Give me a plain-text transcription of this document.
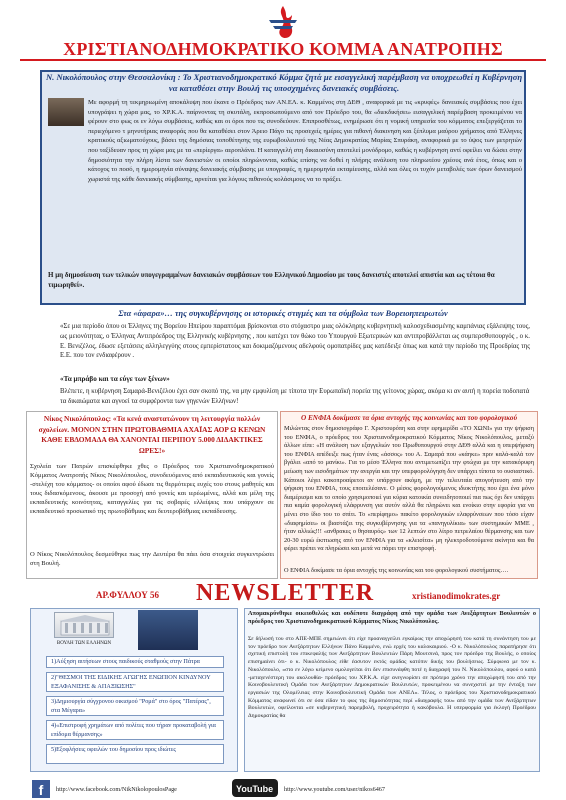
ΧΡΙΣΤΙΑΝΟΔΗΜΟΚΡΑΤΙΚΟ ΚΟΜΜΑ ΑΝΑΤΡΟΠΗΣ
Ν. Νικολόπουλος στην Θεσσαλονίκη : Το Χριστιανοδημοκρατικό Κόμμα ζητά με εισαγγελική παρέμβαση να υποχρεωθεί η Κυβέρνηση να καταθέσει στην Βουλή τις υποσχημένες δανειακές συμβάσεις.
Με αφορμή τη τεκμηριωμένη αποκάλυψη που έκανε ο Πρόεδρος των ΑΝ.ΕΛ. κ. Καμμένος στη ΔΕΘ , αναφορικά με τις «κρυφές» δανειακές συμβάσεις που έχει υπογράψει η χώρα μας, το ΧΡ.Κ.Α. παίρνοντας τη σκυτάλη, εκπροσωπούμενο από τον Πρόεδρο του, θα «διεκδικήσει» εισαγγελική παρέμβαση προκειμένου να φέρουν στο φως οι εν λόγω συμβάσεις, καθώς και οι όροι που τις συνοδεύουν. Επιπροσθέτως, ενημέρωσε ότι η νομική υπηρεσία του κόμματος επεξεργάζεται το περιεχόμενο τ μηνυτήριας αναφοράς που θα καταθέσει στον Άρειο Πάγο τις προσεχείς ημέρες για πιθανή διακινηση και ξέπλυμα μαύρου χρήματος από Έλληνες κρατικούς αξιωματούχους, βάσει της δημόσιας τοποθέτησης της ευρωβουλευτού της Νέας Δημοκρατίας Μαρίας Σπυράκη, αναφορικά με το ύψος των μετρητών που ταξίδευαν προς τη χώρα μας με τα «περίεργα» αεροπλάνα. Η καταγγελή στη δικαιοσύνη αποτελεί μονόδρομο, καθώς η κυβέρνηση αντί οφείλει να δώσει στην δημοσιότητα την πλήρη λίστα των δανειστών οι οποίοι πληρώνονται, καθώς επίσης να δοθεί η πλήρης ανάλυση του πληρωτέου χρέους ανά έτος, όπως και ο κάτοχος το ποσό, η ημερομηνία σύναψης δανειακής σύμβασης με υπογραφές, η ημερομηνία εκταμίευσης, αλλά και όλες οι τυχόν μεταβολές των όρων δανεισμού χωριστά της κάθε δανειακής σύμβασης, αρνείται για λόγους πιθανούς κολάσιμους να το πράξει.
Η μη δημοσίευση των τελικών υπογεγραμμένων δανειακών συμβάσεων του Ελληνικού Δημοσίου με τους δανειστές αποτελεί απιστία και ως τέτοια θα τιμωρηθεί».
Στα «άφαρα»… της συγκυβέρνησης οι ιστορικές στιγμές και τα σύμβολα των Βορειοηπειρωτών
«Σε μια περίοδο όπου οι Έλληνες της Βορείου Ηπείρου παραπτόμαι βρίσκονται στο στόχαστρο μιας ολόκληρης κυβερνητική καλοσχεδιασμένης καμπάνιας εξάλειψης τους, ως μειονότητας, ο Έλληνας Αντιπρόεδρος της Ελληνικής κυβέρνησης , που κατέχει τον θώκο του Υπουργού Εξωτερικών και αντιπροβάλλεται ως συμπερσθυπουργός , ο κ. Ε. Βενιζέλος, έδωσε εξετάσεις αλληλεγγύης στους εμπερίστατους και δοκιμαζόμενους αδελφούς ομοπατρίδες μας κατέδειξε όπως και κατά την περίοδο της Προεδρίας της Ε.Ε. που τον ενδιαφέρουν .
«Τα μπράβο και τα εύγε των ξένων»
Βλέπετε, η κυβέρνηση Σαμαρά-Βενιζέλου έχει σαν σκοπό της, να μην εμφυλίση με τίποτα την Ευρωπαϊκή πορεία της γείτονος χώρας, ακόμα κι αν αυτή η πορεία ποδοπατά τα δικαιώματα και αγνοεί τα συμφέροντα των γηγενών Ελλήνων!
Νίκος Νικολόπουλος: «Τα κενά αναστατώνουν τη λειτουργία πολλών σχολείων. ΜΟΝΟΝ ΣΤΗΝ ΠΡΩΤΟΒΑΘΜΙΑ ΑΧΑΪΑΣ ΑΟΡ Ω ΚΕΝΩΝ ΚΑΘΕ ΕΒΔΟΜΑΔΑ ΘΑ ΧΑΝΟΝΤΑΙ ΠΕΡΙΠΟΥ 5.000 ΔΙΔΑΚΤΙΚΕΣ ΩΡΕΣ!»
Σχολεία των Πατρών επισκέφθηκε χθες ο Πρόεδρος του Χριστιανοδημοκρατικού Κόμματος Ανατροπής Νίκος Νικολόπουλος, συνοδευόμενος από εκπαιδευτικούς και γονείς -στελέχη του κόμματος- οι οποίοι αφού έδωσε τις θερμότερες ευχές του στους μαθητές και τους διδασκόμενους, άκουσε με προσοχή από γονείς και ιερέωμένες, αλλά και μέλη της εκπαιδευτικής κοινότητας, καταγγελίες για τις σοβαρές ελλείψεις που υπάρχουν σε εκπαιδευτικό προσωπικό της πρωτοβάθμιας και δευτεροβάθμιας εκπαίδευσης.
Ο Νίκος Νικολόπουλος δεσμεύθηκε πως την Δευτέρα θα πάει όσα στοιχεία συγκεντρώσει στη Βουλή.
Ο ΕΝΦΙΑ δοκίμασε τα όρια αντοχής της κοινωνίας και του φορολογικού
Μιλώντας στον δημοσιογράφο Γ. Χριστουρόπη και στην εφημερίδα «ΤΟ ΧΩΝΙ» για την ψήφιση του ΕΝΦΙΑ, ο πρόεδρος του Χριστιανοδημοκρατικού Κόμματος Νίκος Νικολόπουλος, μεταξύ άλλων είπε: «Η ανάλυση των εξαγγελιών του Πρωθυπουργού στην ΔΕΘ αλλά και η υπερψήφιση του ΕΝΦΙΑ απέδειξε πως ήταν ένας «άσσος» του Α. Σαμαρά που «κάηκε» πριν καλά-καλά τον βγάλει «από το μανίκι». Για το μέσο Έλληνα που αντιμετωπίζει την φτώχια με την κατακόρυφη μείωση των εισοδημάτων την ανεργία και την υπερφορολόγηση δεν υπάρχει τίποτα το ουσιαστικό. Κάποιοι λέγει κακοπροαίρετοι αν υπάρχουν ακόμη, με την τελευταία απογοήτευση από την ψήφιση του ΕΝΦΙΑ, τους εποιτελέσανε. Ο μέσος φορολογούμενος ιδιοκτήτης που έχει ένα μόνο διαμέρισμα και το οποίο χρησιμοποιεί για κύρια κατοικία συνειδητοποιεί πια πως όχι δεν υπάρχει πια καμία φορολογική ελάφρυνση για αυτόν αλλά θα πληρώνει και ενοίκιο στην εφορία για να μένει στο ίδιο του το σπίτι. Το «περίφημο» πακέτο φορολογικών ελαφρύνσεων που τόσο είχαν «διαφημίσει» οι βιαστάζει της συγκυβέρνησης για τα «πανηγυλίκια» των συστημικών MME , ήταν αλλιώς!!! «ανθρακες ο θησαυρός» των 12 λεπτών στο λίτρο πετρελαίου θέρμανσης και των 20-30 ευρώ έκπτωσης από τον ΕΝΦΙΑ για τα «κλεισίτα» μη ηλεκτροδοτούμενα ακίνητα και θα φέρει πρέπει να πληρώσει και μετά να πάρει την επιστροφή.
Ο ΕΝΦΙΑ δοκίμασε τα όρια αντοχής της κοινωνίας και του φορολογικού συστήματος….
ΑΡ.ΦΥΛΛΟΥ 56	NEWSLETTER	xristianodimokrates.gr
ΒΟΥΛΗ ΤΩΝ ΕΛΛΗΝΩΝ
1)Αύξηση αιτήσεων στους παιδικούς σταθμούς στην Πάτρα
2)"ΘΕΣΜΟΙ ΤΗΣ ΕΙΔΙΚΗΣ ΑΓΩΓΗΣ ΕΝΩΠΙΟΝ ΚΙΝΔΥΝΟΥ ΕΞΑΦΑΝΙΣΗΣ & ΑΠΑΞΙΩΣΗΣ"
3)Δημιουργία σύγχρονου οικισμού "Ρομά" στο όρος "Πατέρας", στα Μέγαρα»
4)«Επιστροφή χρημάτων από πολίτες που τήραν προκαταβολή για επίδομα θέρμανσης»
5)Εξοφλήσεις οφειλών του δημοσίου προς ιδιώτες
Απομακρύνθηκε οικειοθελώς και ουδέποτε διαγράφη από την ομάδα των Ανεξάρτητων Βουλευτών ο πρόεδρος του Χριστιανοδημοκρατικού Κόμματος Νίκος Νικολόπουλος.
Σε δήλωσή του στο ΑΠΕ-ΜΠΕ σημειώνει ότι είχε προαναγγείλει εγκαίρως την αποχώρησή του κατά τη συνάντηση του με τον πρόεδρο των Ανεξάρτητων Ελλήνων Πάνο Καμμένο, ενώ ερχές του καλοκαιριού. -Ο κ. Νικολόπουλος παρατήρησε ότι σχετική επιστολή του επικεφαλής των Ανεξάρτητων Βουλευτών Πάρη Μουτσινά, προς τον πρόεδρο της Βουλής, ο οποίος επισημαίνει ότι- ο κ. Νικολόπουλος είθε έασυτον εκτός ομάδας κατόπιν δικής του βουλήσεως. Σύμφωνα με τον κ. Νικολόπουλο, «στο εν λόγω κείμενο ομολογείται ότι δεν επισυνάφθη ποτέ η διαγραφή του Ν. Νικολόπουλου, αφού ο κατά -μεταγενέστερη του ακολουθία- πρόεδρος του ΧΡ.Κ.Α. είχε ανεγνωρίσει σε πρότερο χρόνο την αποχώρησή του από την Κοινοβουλευτική Ομάδα των Ανεξάρτητων Δημοκρατικών Βουλευτών, προκειμένου να συνεχιστεί με την ένταξη των εργασιών της Ολομέλειας στην Κοινοβουλευτική Ομάδα των ΑΝΕΛ». Τέλος, ο πρόεδρος του Χριστιανοδημοκρατικού Κόμματος αναφωνεί ότι σε όσα είδαν το φως της δημοσιότητας περί «διαγραφής του» από την ομάδα των Ανεξάρτητων Βουλευτών, οφείλονται «σε κυβερνητική παρεμβολή, προχειρότητα ή κακόβουλα. Η υπερφορμία για έκλογή Προέδρου Δημοκρατίας θα
f	http://www.facebook.com/NikNikolopoulosPage	YouTube http://www.youtube.com/user/nikos6467
